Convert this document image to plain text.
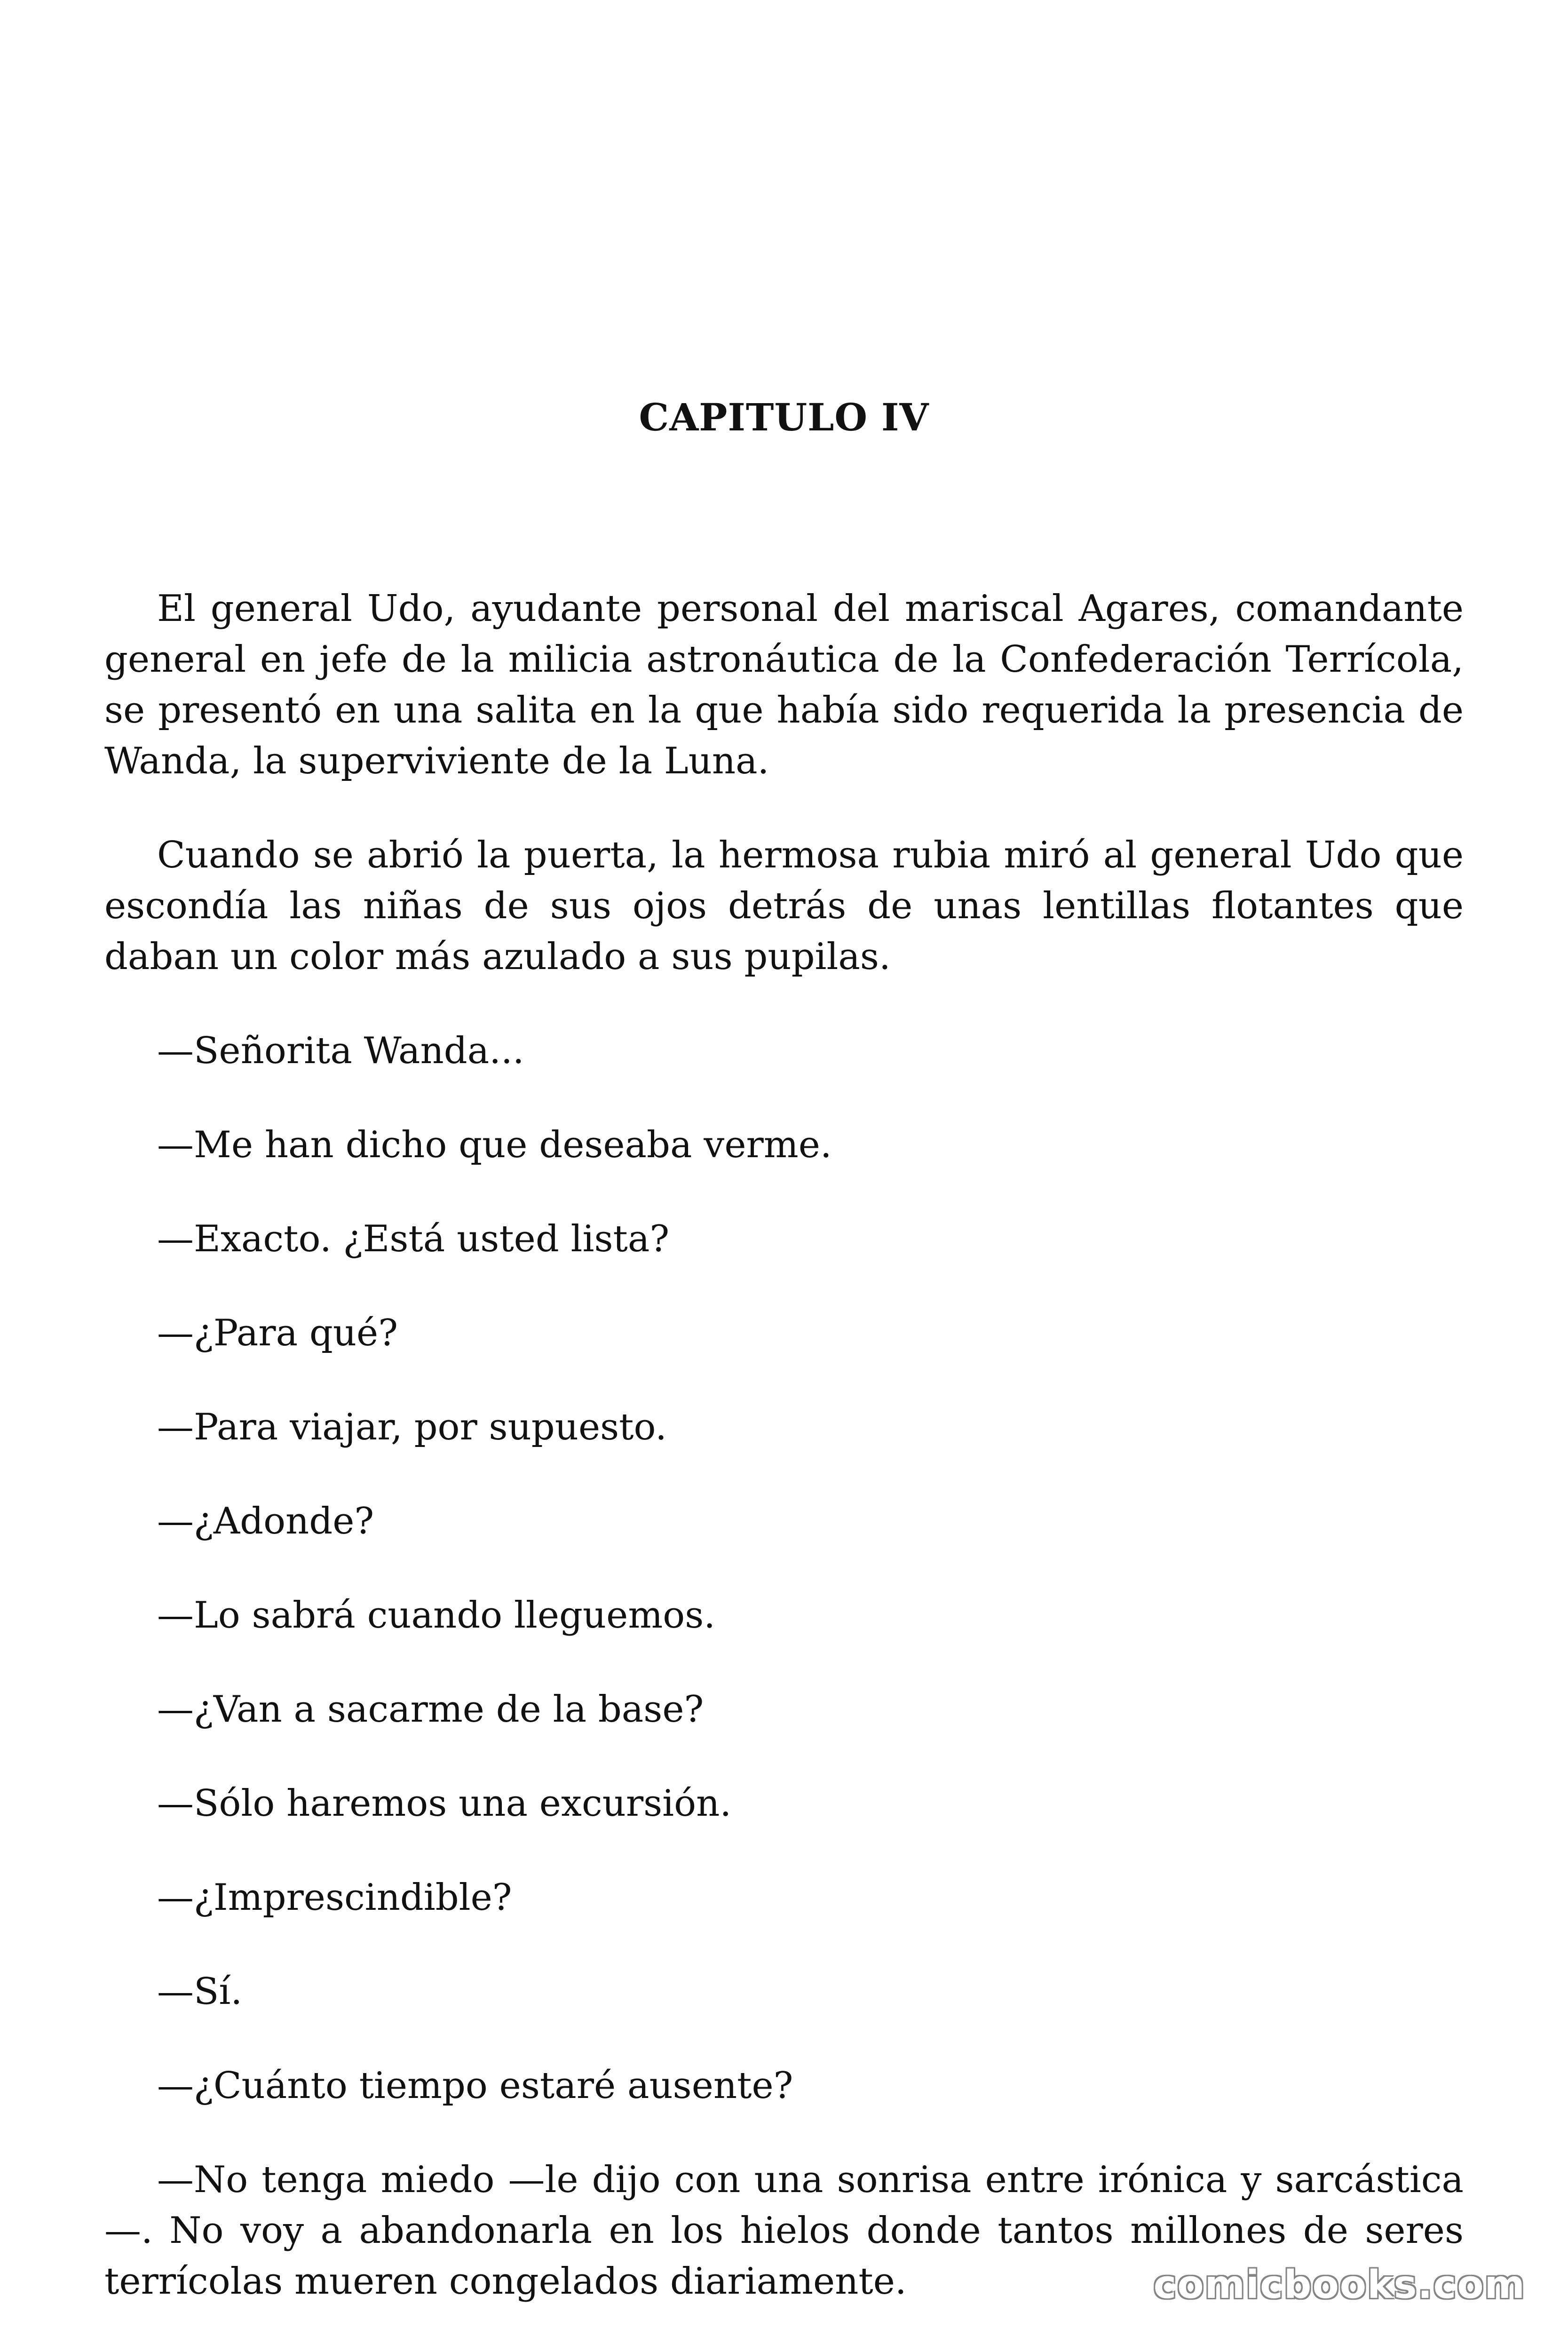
CAPITULO IV

El general Udo, ayudante personal del mariscal Agares, comandante general en jefe de la milicia astronáutica de la Confederación Terrícola, se presentó en una salita en la que había sido requerida la presencia de Wanda, la superviviente de la Luna.

Cuando se abrió la puerta, la hermosa rubia miró al general Udo que escondía las niñas de sus ojos detrás de unas lentillas flotantes que daban un color más azulado a sus pupilas.

—Señorita Wanda...

—Me han dicho que deseaba verme.

—Exacto. ¿Está usted lista?

—¿Para qué?

—Para viajar, por supuesto.

—¿Adonde?

—Lo sabrá cuando lleguemos.

—¿Van a sacarme de la base?

—Sólo haremos una excursión.

—¿Imprescindible?

—Sí.

—¿Cuánto tiempo estaré ausente?

—No tenga miedo —le dijo con una sonrisa entre irónica y sarcástica—. No voy a abandonarla en los hielos donde tantos millones de seres terrícolas mueren congelados diariamente.	comicbooks.com
